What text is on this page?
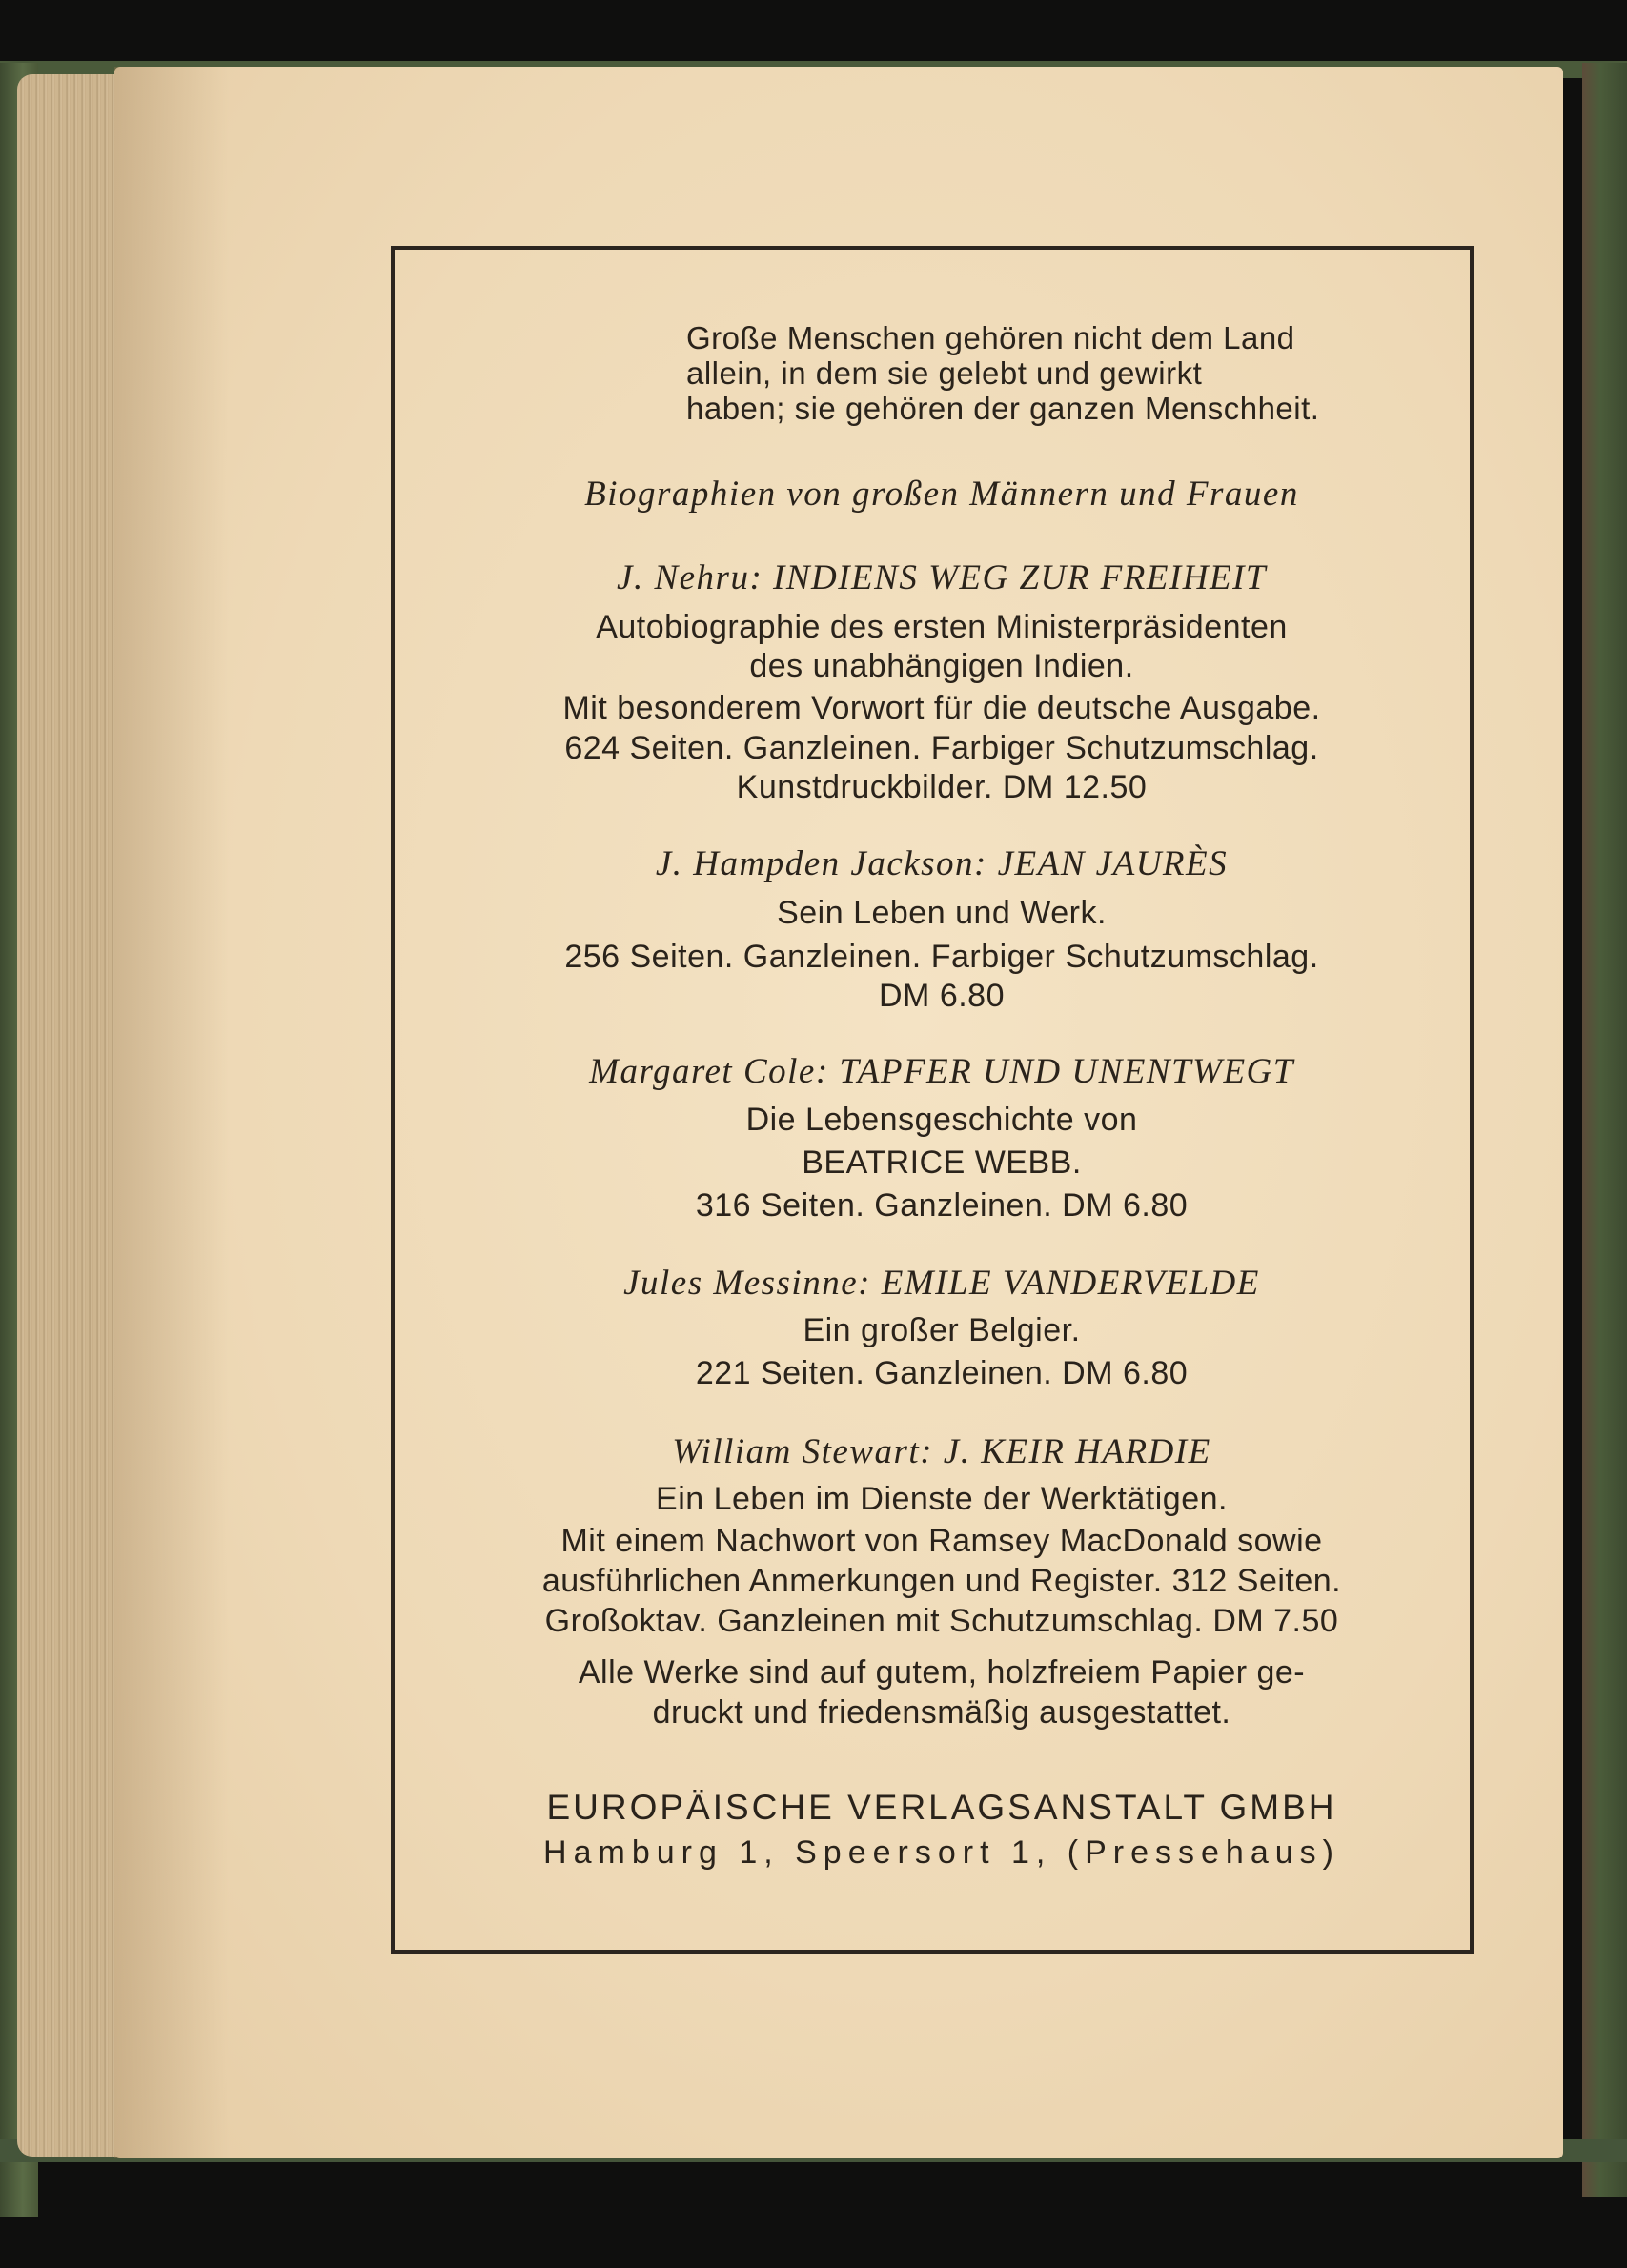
Große Menschen gehören nicht dem Land

allein, in dem sie gelebt und gewirkt

haben; sie gehören der ganzen Menschheit.

Biographien von großen Männern und Frauen

J. Nehru: INDIENS WEG ZUR FREIHEIT

Autobiographie des ersten Ministerpräsidenten

des unabhängigen Indien.

Mit besonderem Vorwort für die deutsche Ausgabe.

624 Seiten. Ganzleinen. Farbiger Schutzumschlag.

Kunstdruckbilder. DM 12.50

J. Hampden Jackson: JEAN JAURÈS

Sein Leben und Werk.

256 Seiten. Ganzleinen. Farbiger Schutzumschlag.

DM 6.80

Margaret Cole: TAPFER UND UNENTWEGT

Die Lebensgeschichte von

BEATRICE WEBB.

316 Seiten. Ganzleinen. DM 6.80

Jules Messinne: EMILE VANDERVELDE

Ein großer Belgier.

221 Seiten. Ganzleinen. DM 6.80

William Stewart: J. KEIR HARDIE

Ein Leben im Dienste der Werktätigen.

Mit einem Nachwort von Ramsey MacDonald sowie

ausführlichen Anmerkungen und Register. 312 Seiten.

Großoktav. Ganzleinen mit Schutzumschlag. DM 7.50

Alle Werke sind auf gutem, holzfreiem Papier ge-

druckt und friedensmäßig ausgestattet.

EUROPÄISCHE VERLAGSANSTALT GMBH

Hamburg 1, Speersort 1, (Pressehaus)
